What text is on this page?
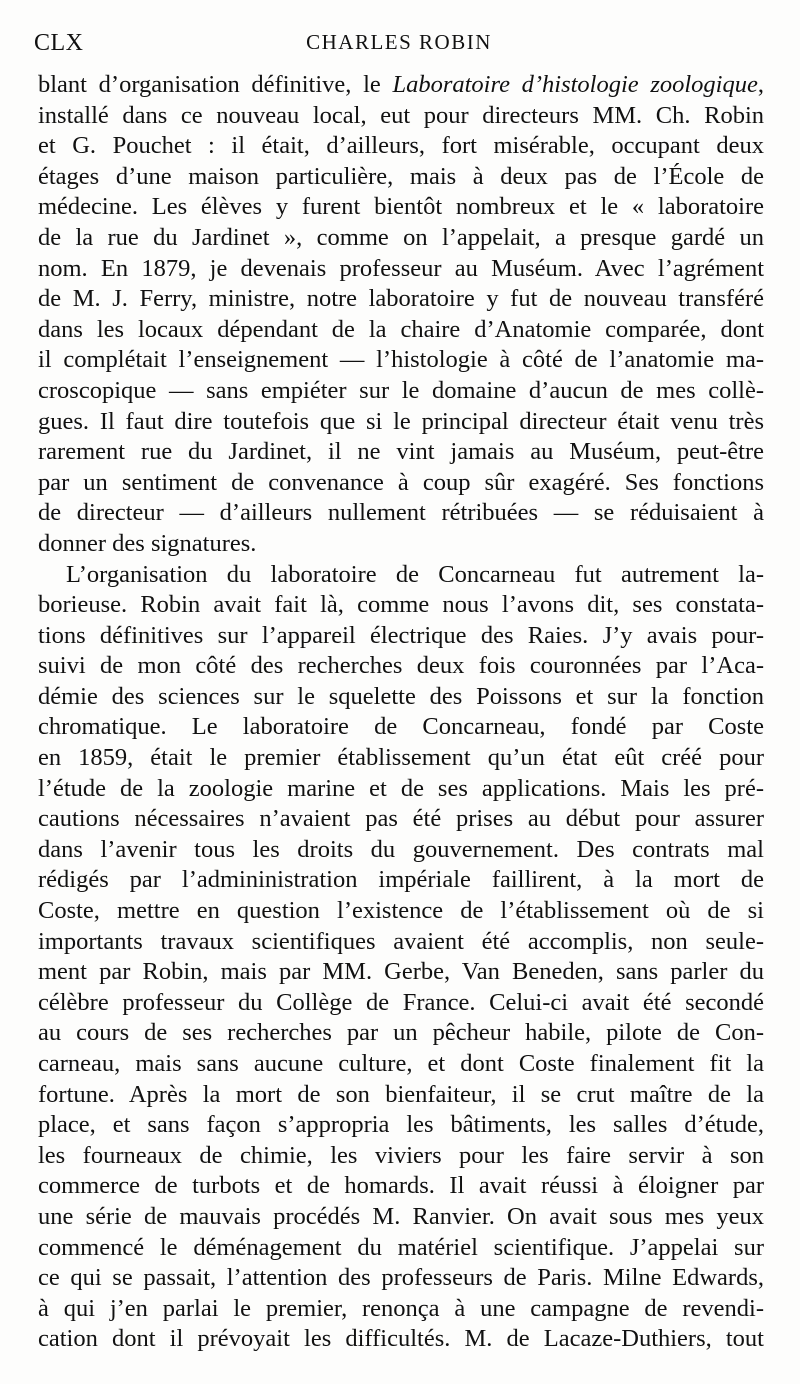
CLX	CHARLES ROBIN
blant d’organisation définitive, le Laboratoire d’histologie zoologique,
installé dans ce nouveau local, eut pour directeurs MM. Ch. Robin
et G. Pouchet : il était, d’ailleurs, fort misérable, occupant deux
étages d’une maison particulière, mais à deux pas de l’École de
médecine. Les élèves y furent bientôt nombreux et le « laboratoire
de la rue du Jardinet », comme on l’appelait, a presque gardé un
nom. En 1879, je devenais professeur au Muséum. Avec l’agrément
de M. J. Ferry, ministre, notre laboratoire y fut de nouveau transféré
dans les locaux dépendant de la chaire d’Anatomie comparée, dont
il complétait l’enseignement — l’histologie à côté de l’anatomie ma-
croscopique — sans empiéter sur le domaine d’aucun de mes collè-
gues. Il faut dire toutefois que si le principal directeur était venu très
rarement rue du Jardinet, il ne vint jamais au Muséum, peut-être
par un sentiment de convenance à coup sûr exagéré. Ses fonctions
de directeur — d’ailleurs nullement rétribuées — se réduisaient à
donner des signatures.
L’organisation du laboratoire de Concarneau fut autrement la-
borieuse. Robin avait fait là, comme nous l’avons dit, ses constata-
tions définitives sur l’appareil électrique des Raies. J’y avais pour-
suivi de mon côté des recherches deux fois couronnées par l’Aca-
démie des sciences sur le squelette des Poissons et sur la fonction
chromatique. Le laboratoire de Concarneau, fondé par Coste
en 1859, était le premier établissement qu’un état eût créé pour
l’étude de la zoologie marine et de ses applications. Mais les pré-
cautions nécessaires n’avaient pas été prises au début pour assurer
dans l’avenir tous les droits du gouvernement. Des contrats mal
rédigés par l’admininistration impériale faillirent, à la mort de
Coste, mettre en question l’existence de l’établissement où de si
importants travaux scientifiques avaient été accomplis, non seule-
ment par Robin, mais par MM. Gerbe, Van Beneden, sans parler du
célèbre professeur du Collège de France. Celui-ci avait été secondé
au cours de ses recherches par un pêcheur habile, pilote de Con-
carneau, mais sans aucune culture, et dont Coste finalement fit la
fortune. Après la mort de son bienfaiteur, il se crut maître de la
place, et sans façon s’appropria les bâtiments, les salles d’étude,
les fourneaux de chimie, les viviers pour les faire servir à son
commerce de turbots et de homards. Il avait réussi à éloigner par
une série de mauvais procédés M. Ranvier. On avait sous mes yeux
commencé le déménagement du matériel scientifique. J’appelai sur
ce qui se passait, l’attention des professeurs de Paris. Milne Edwards,
à qui j’en parlai le premier, renonça à une campagne de revendi-
cation dont il prévoyait les difficultés. M. de Lacaze-Duthiers, tout
